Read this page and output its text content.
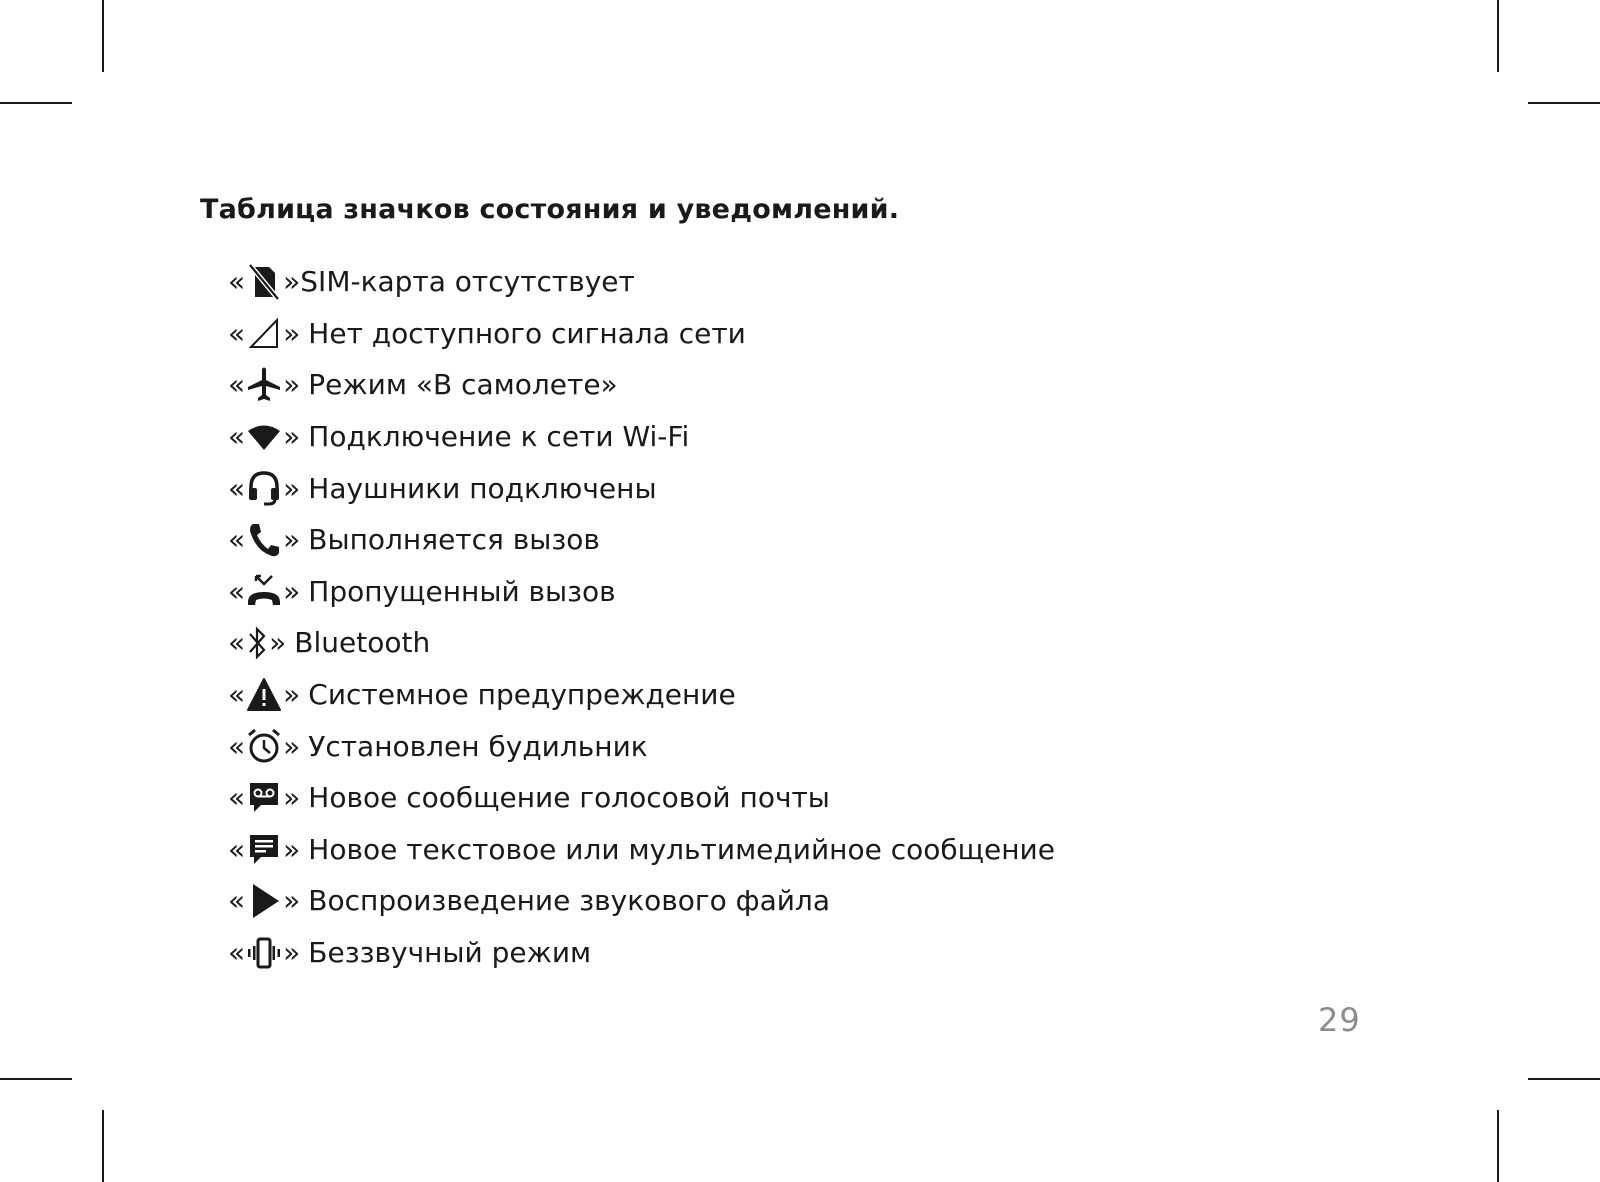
Таблица значков состояния и уведомлений.
« » SIM-карта отсутствует
« » Нет доступного сигнала сети
« » Режим «В самолете»
« » Подключение к сети Wi-Fi
« » Наушники подключены
« » Выполняется вызов
« » Пропущенный вызов
« » Bluetooth
« » Системное предупреждение
« » Установлен будильник
« » Новое сообщение голосовой почты
« » Новое текстовое или мультимедийное сообщение
« » Воспроизведение звукового файла
« » Беззвучный режим
29
